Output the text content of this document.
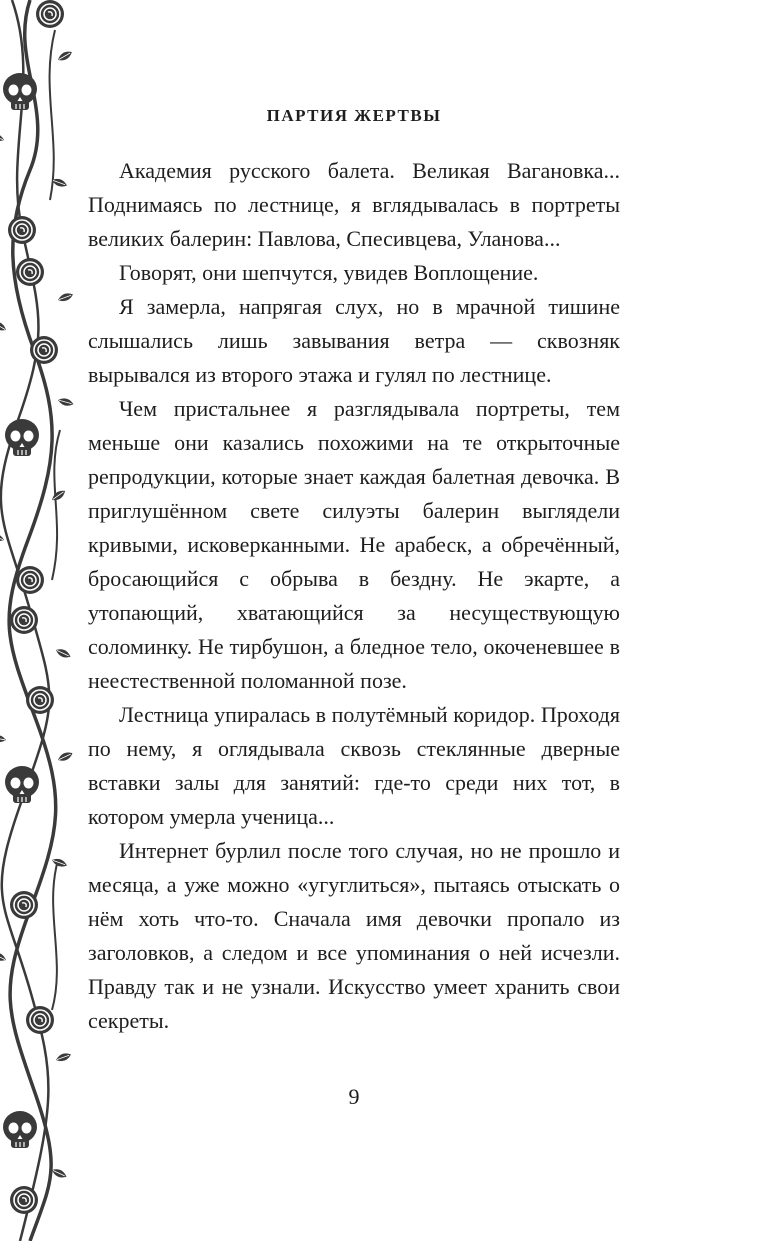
ПАРТИЯ ЖЕРТВЫ

Академия русского балета. Великая Вагановка... Поднимаясь по лестнице, я вглядывалась в портреты великих балерин: Павлова, Спесивцева, Уланова...

Говорят, они шепчутся, увидев Воплощение.

Я замерла, напрягая слух, но в мрачной тишине слышались лишь завывания ветра — сквозняк вырывался из второго этажа и гулял по лестнице.

Чем пристальнее я разглядывала портреты, тем меньше они казались похожими на те открыточные репродукции, которые знает каждая балетная девочка. В приглушённом свете силуэты балерин выглядели кривыми, исковерканными. Не арабеск, а обречённый, бросающийся с обрыва в бездну. Не экарте, а утопающий, хватающийся за несуществующую соломинку. Не тирбушон, а бледное тело, окоченевшее в неестественной поломанной позе.

Лестница упиралась в полутёмный коридор. Проходя по нему, я оглядывала сквозь стеклянные дверные вставки залы для занятий: где-то среди них тот, в котором умерла ученица...

Интернет бурлил после того случая, но не прошло и месяца, а уже можно «угуглиться», пытаясь отыскать о нём хоть что-то. Сначала имя девочки пропало из заголовков, а следом и все упоминания о ней исчезли. Правду так и не узнали. Искусство умеет хранить свои секреты.

9
